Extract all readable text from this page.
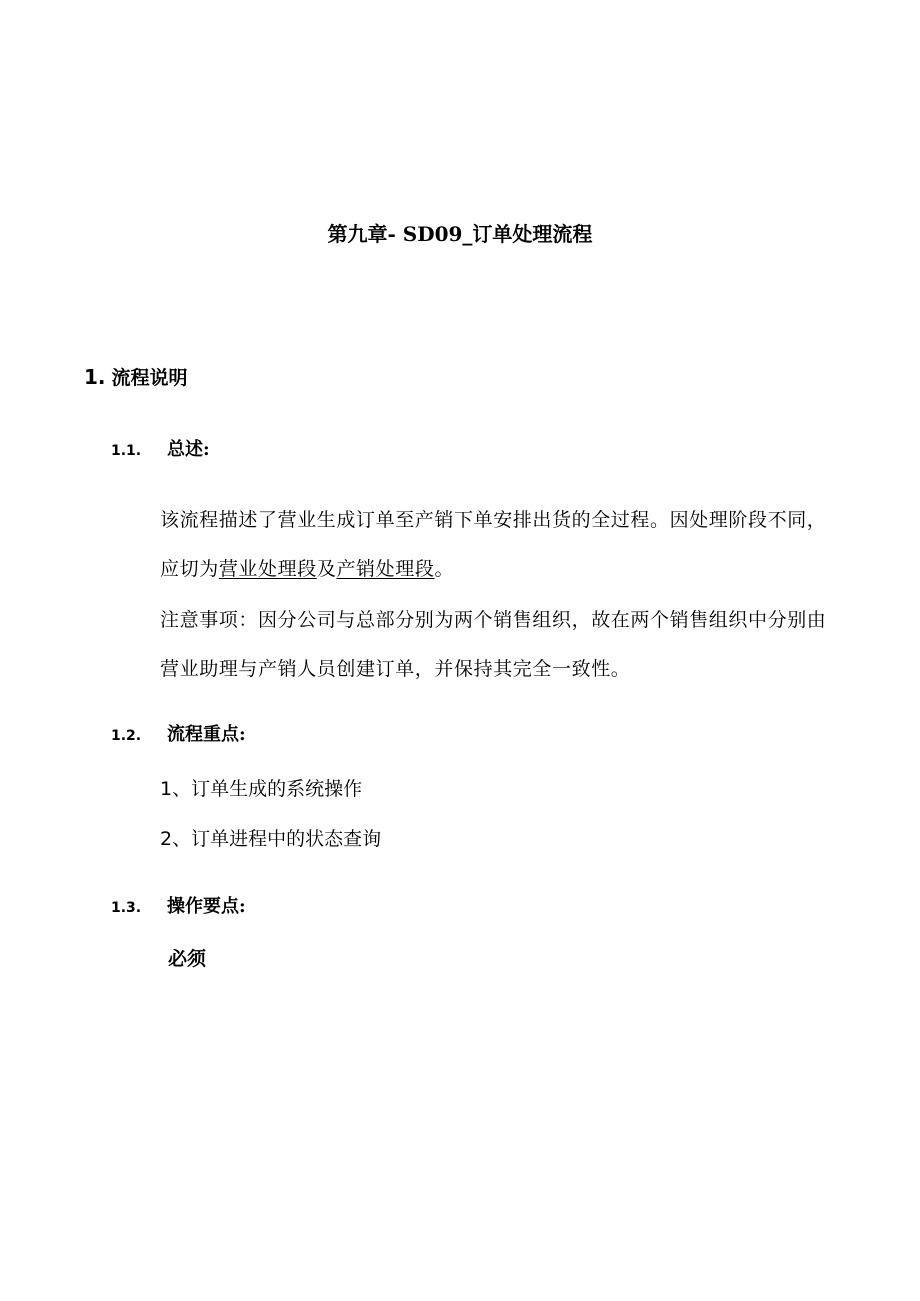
第九章- SD09_订单处理流程
1. 流程说明
1.1. 总述:
该流程描述了营业生成订单至产销下单安排出货的全过程。因处理阶段不同，应切为营业处理段及产销处理段。
注意事项：因分公司与总部分别为两个销售组织，故在两个销售组织中分别由营业助理与产销人员创建订单，并保持其完全一致性。
1.2. 流程重点:
1、订单生成的系统操作
2、订单进程中的状态查询
1.3. 操作要点:
必须
